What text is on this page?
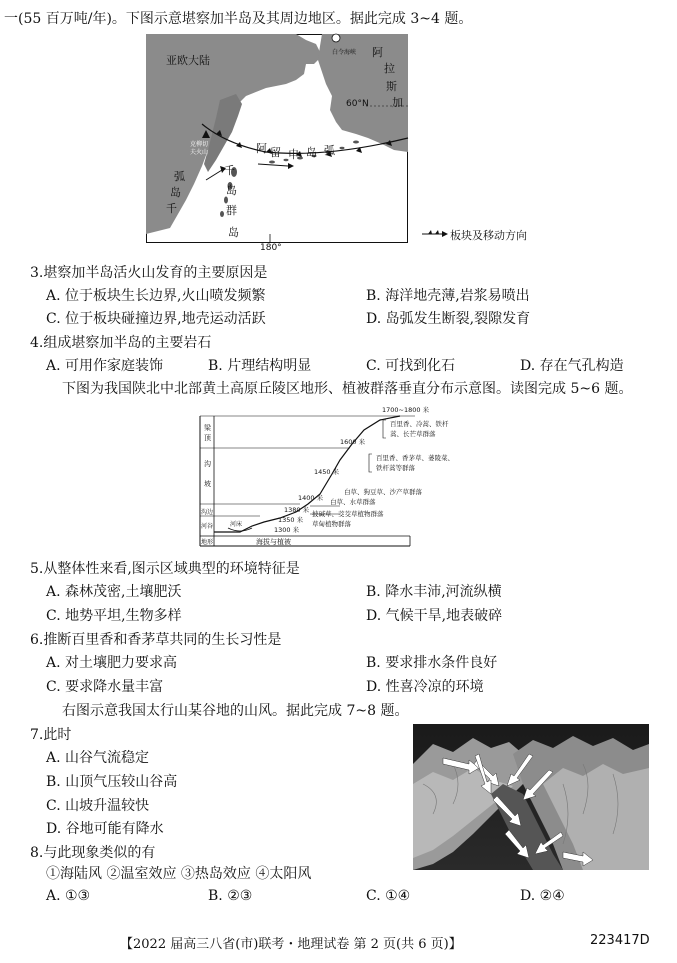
一(55 百万吨/年)。下图示意堪察加半岛及其周边地区。据此完成 3~4 题。
亚欧大陆
60°N
180°
白令海峡
克柳切 夫火山
阿
拉
斯
加
阿 留 申 岛 弧
弧
岛
千
千
岛
群
岛	板块及移动方向
3.堪察加半岛活火山发育的主要原因是
A. 位于板块生长边界,火山喷发频繁	B. 海洋地壳薄,岩浆易喷出
C. 位于板块碰撞边界,地壳运动活跃	D. 岛弧发生断裂,裂隙发育
4.组成堪察加半岛的主要岩石
A. 可用作家庭装饰	B. 片理结构明显	C. 可找到化石	D. 存在气孔构造
下图为我国陕北中北部黄土高原丘陵区地形、植被群落垂直分布示意图。读图完成 5~6 题。
梁 顶
沟 坡
沟边
河谷
地形
河床
海拔与植被
1700~1800 米
1600 米
1450 米
1400 米
1380 米
1350 米
1300 米
百里香、冷蒿、铁杆 蒿、长芒草群落
百里香、香茅草、蒌陵菜、 铁杆蒿等群落
白草、狗豆草、沙产草群落
白草、水草群落
披碱草、茭茭草植物群落
草甸植物群落
5.从整体性来看,图示区域典型的环境特征是
A. 森林茂密,土壤肥沃	B. 降水丰沛,河流纵横
C. 地势平坦,生物多样	D. 气候干旱,地表破碎
6.推断百里香和香茅草共同的生长习性是
A. 对土壤肥力要求高	B. 要求排水条件良好
C. 要求降水量丰富	D. 性喜冷凉的环境
右图示意我国太行山某谷地的山风。据此完成 7~8 题。
7.此时
A. 山谷气流稳定
B. 山顶气压较山谷高
C. 山坡升温较快
D. 谷地可能有降水
8.与此现象类似的有
①海陆风 ②温室效应 ③热岛效应 ④太阳风
A. ①③	B. ②③	C. ①④	D. ②④
【2022 届高三八省(市)联考・地理试卷 第 2 页(共 6 页)】	223417D
